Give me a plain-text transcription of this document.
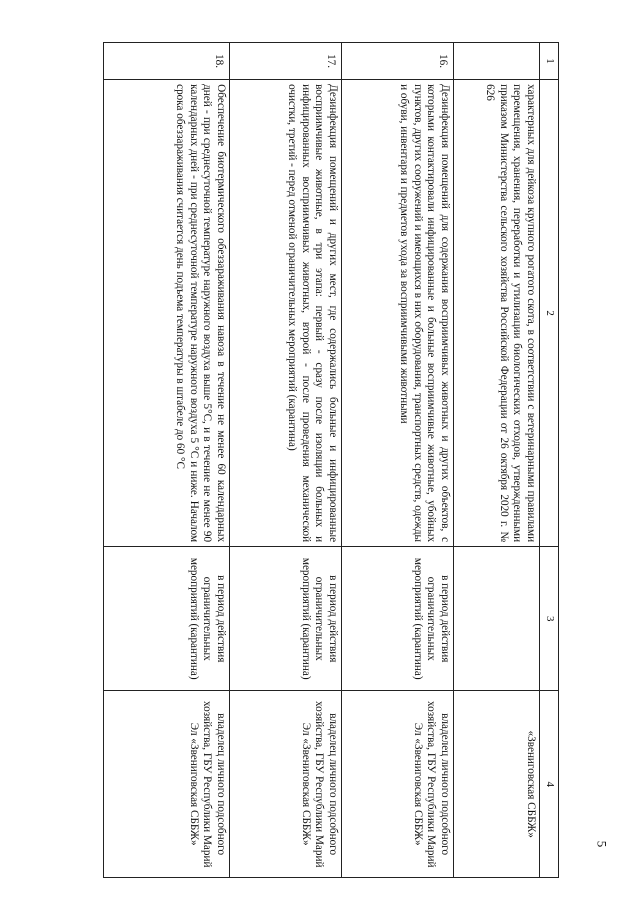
5
1	2	3	4
	характерных для дейкоза крупного рогатого скота, в соответствии с ветеринарными правилами перемещения, хранения, переработки и утилизации биологических отходов, утвержденными приказом Министерства сельского хозяйства Российской Федерации от 26 октября 2020 г. № 626		«Звениговская СББЖ»
16.	Дезинфекция помещений для содержания восприимчивых животных и других объектов, с которыми контактировали инфицированные и больные восприимчивые животные, убойных пунктов, других сооружений и имеющихся в них оборудования, транспортных средств, одежды и обуви, инвентаря и предметов ухода за восприимчивыми животными	в период действия ограничительных мероприятий (карантина)	владелец личного подсобного хозяйства, ГБУ Республики Марий Эл «Звениговская СББЖ»
17.	Дезинфекция помещений и других мест, где содержались больные и инфицированные восприимчивые животные, в три этапа: первый - сразу после изоляции больных и инфицированных восприимчивых животных, второй - после проведения механической очистки, третий - перед отменой ограничительных мероприятий (карантина)	в период действия ограничительных мероприятий (карантина)	владелец личного подсобного хозяйства, ГБУ Республики Марий Эл «Звениговская СББЖ»
18.	Обеспечение биотермического обеззараживания навоза в течение не менее 60 календарных дней - при среднесуточной температуре наружного воздуха выше 5°С, и в течение не менее 90 календарных дней - при среднесуточной температуре наружного воздуха 5 °С и ниже. Началом срока обеззараживания считается день подъема температуры в штабеле до 60 °С	в период действия ограничительных мероприятий (карантина)	владелец личного подсобного хозяйства, ГБУ Республики Марий Эл «Звениговская СББЖ»
